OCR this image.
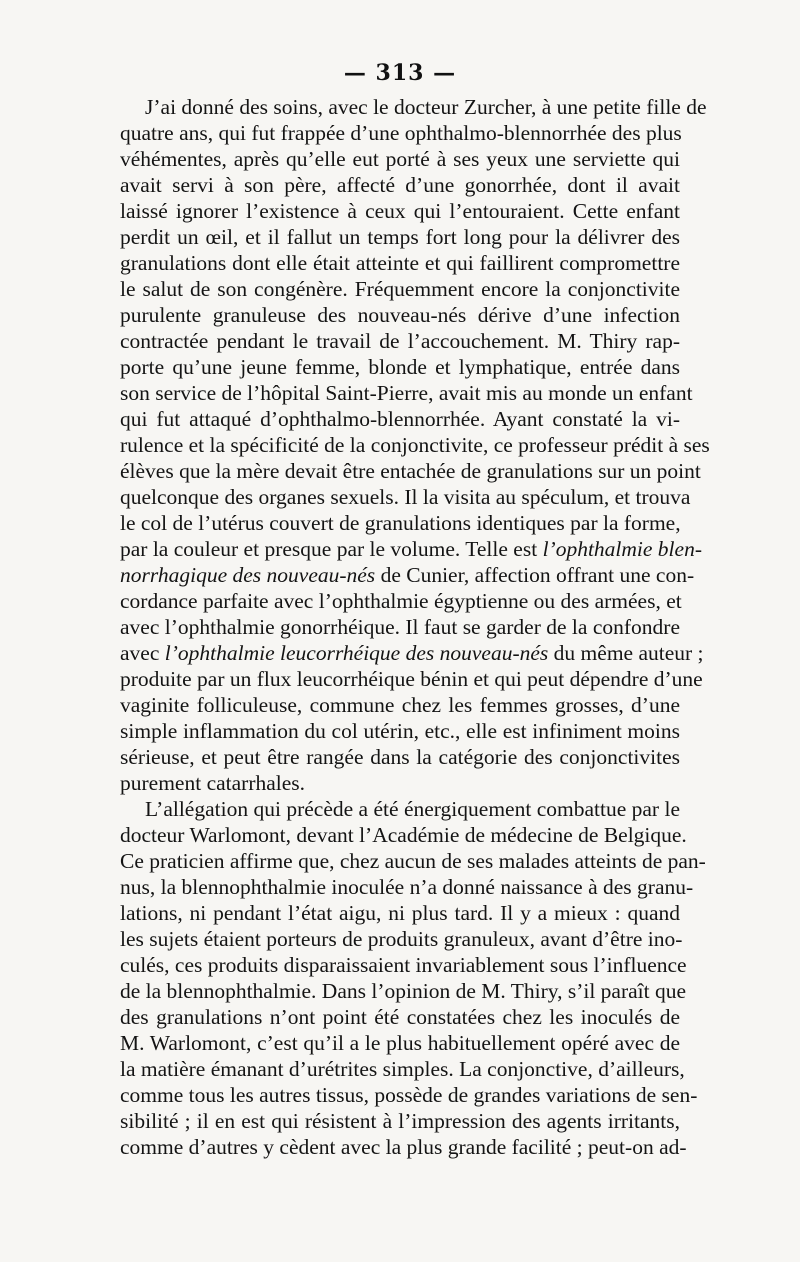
— 313 —
J’ai donné des soins, avec le docteur Zurcher, à une petite fille de
quatre ans, qui fut frappée d’une ophthalmo-blennorrhée des plus
véhémentes, après qu’elle eut porté à ses yeux une serviette qui
avait servi à son père, affecté d’une gonorrhée, dont il avait
laissé ignorer l’existence à ceux qui l’entouraient. Cette enfant
perdit un œil, et il fallut un temps fort long pour la délivrer des
granulations dont elle était atteinte et qui faillirent compromettre
le salut de son congénère. Fréquemment encore la conjonctivite
purulente granuleuse des nouveau-nés dérive d’une infection
contractée pendant le travail de l’accouchement. M. Thiry rap-
porte qu’une jeune femme, blonde et lymphatique, entrée dans
son service de l’hôpital Saint-Pierre, avait mis au monde un enfant
qui fut attaqué d’ophthalmo-blennorrhée. Ayant constaté la vi-
rulence et la spécificité de la conjonctivite, ce professeur prédit à ses
élèves que la mère devait être entachée de granulations sur un point
quelconque des organes sexuels. Il la visita au spéculum, et trouva
le col de l’utérus couvert de granulations identiques par la forme,
par la couleur et presque par le volume. Telle est l’ophthalmie blen-
norrhagique des nouveau-nés de Cunier, affection offrant une con-
cordance parfaite avec l’ophthalmie égyptienne ou des armées, et
avec l’ophthalmie gonorrhéique. Il faut se garder de la confondre
avec l’ophthalmie leucorrhéique des nouveau-nés du même auteur ;
produite par un flux leucorrhéique bénin et qui peut dépendre d’une
vaginite folliculeuse, commune chez les femmes grosses, d’une
simple inflammation du col utérin, etc., elle est infiniment moins
sérieuse, et peut être rangée dans la catégorie des conjonctivites
purement catarrhales.
L’allégation qui précède a été énergiquement combattue par le
docteur Warlomont, devant l’Académie de médecine de Belgique.
Ce praticien affirme que, chez aucun de ses malades atteints de pan-
nus, la blennophthalmie inoculée n’a donné naissance à des granu-
lations, ni pendant l’état aigu, ni plus tard. Il y a mieux : quand
les sujets étaient porteurs de produits granuleux, avant d’être ino-
culés, ces produits disparaissaient invariablement sous l’influence
de la blennophthalmie. Dans l’opinion de M. Thiry, s’il paraît que
des granulations n’ont point été constatées chez les inoculés de
M. Warlomont, c’est qu’il a le plus habituellement opéré avec de
la matière émanant d’urétrites simples. La conjonctive, d’ailleurs,
comme tous les autres tissus, possède de grandes variations de sen-
sibilité ; il en est qui résistent à l’impression des agents irritants,
comme d’autres y cèdent avec la plus grande facilité ; peut-on ad-
